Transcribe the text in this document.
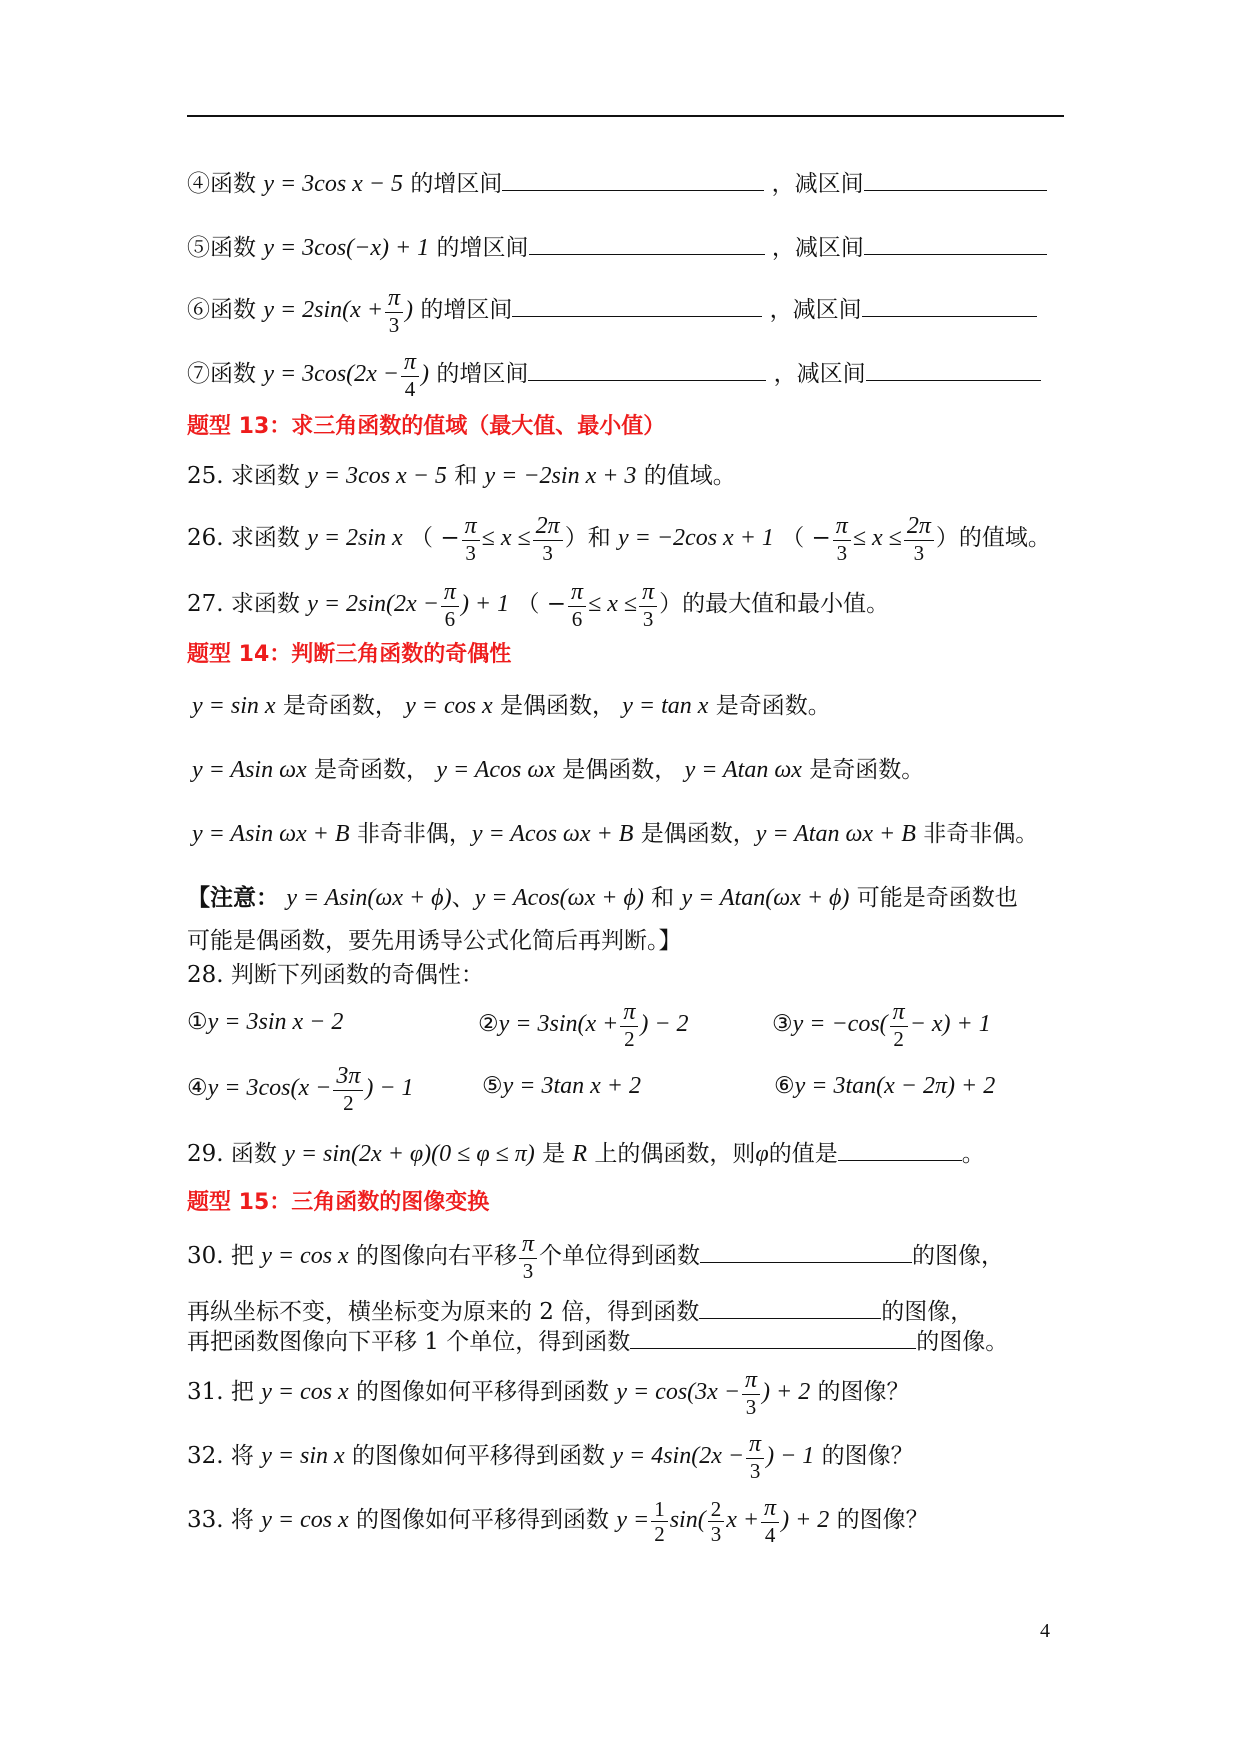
④函数 y = 3cos x − 5 的增区间	，减区间
⑤函数 y = 3cos(−x) + 1 的增区间	，减区间
⑥函数 $y = 2\sin(x + \frac{\pi}{3}$ ) 的增区间	，减区间
⑦函数 $y = 3\cos(2x - \frac{\pi}{4}$ ) 的增区间	，减区间
题型 13：求三角函数的值域（最大值、最小值）
25. 求函数 y = 3cos x − 5 和 y = −2sin x + 3 的值域。
26. 求函数 y = 2sin x （ − $\frac{\pi}{3} \le x \le \frac{2\pi}{3}$ ）和 y = −2cos x + 1 （ − $\frac{\pi}{3} \le x \le \frac{2\pi}{3}$ ）的值域。
27. 求函数 $y = 2\sin(2x - \frac{\pi}{6}$ ) + 1 （ − $\frac{\pi}{6} \le x \le \frac{\pi}{3}$ ）的最大值和最小值。
题型 14：判断三角函数的奇偶性
y = sin x 是奇函数， y = cos x 是偶函数， y = tan x 是奇函数。
y = Asin ωx 是奇函数， y = Acos ωx 是偶函数， y = Atan ωx 是奇函数。
y = Asin ωx + B 非奇非偶，y = Acos ωx + B 是偶函数，y = Atan ωx + B 非奇非偶。
【注意： y = Asin(ωx + ϕ)、y = Acos(ωx + ϕ) 和 y = Atan(ωx + ϕ) 可能是奇函数也
可能是偶函数，要先用诱导公式化简后再判断。】
28. 判断下列函数的奇偶性：
①y = 3sin x − 2	②y = $3\sin(x + \frac{\pi}{2}$ ) − 2	③y = $-\cos( \frac{\pi}{2} - x) + 1$
④y = $3\cos(x - \frac{3\pi}{2}$ ) − 1	⑤y = 3tan x + 2	⑥y = 3tan(x − 2π) + 2
29. 函数 y = sin(2x + φ)(0 ≤ φ ≤ π) 是 R 上的偶函数，则φ的值是	。
题型 15：三角函数的图像变换
30. 把 y = cos x 的图像向右平移 $\frac{\pi}{3}$ 个单位得到函数	的图像，
再纵坐标不变，横坐标变为原来的 2 倍，得到函数	的图像，
再把函数图像向下平移 1 个单位，得到函数	的图像。
31. 把 y = cos x 的图像如何平移得到函数 $y = \cos(3x - \frac{\pi}{3}$ ) + 2 的图像？
32. 将 y = sin x 的图像如何平移得到函数 $y = 4\sin(2x - \frac{\pi}{3}$ ) − 1 的图像？
33. 将 y = cos x 的图像如何平移得到函数 $y = \frac{1}{2} \sin( \frac{2}{3}$ $x + \frac{\pi}{4}$ ) + 2 的图像？
4
